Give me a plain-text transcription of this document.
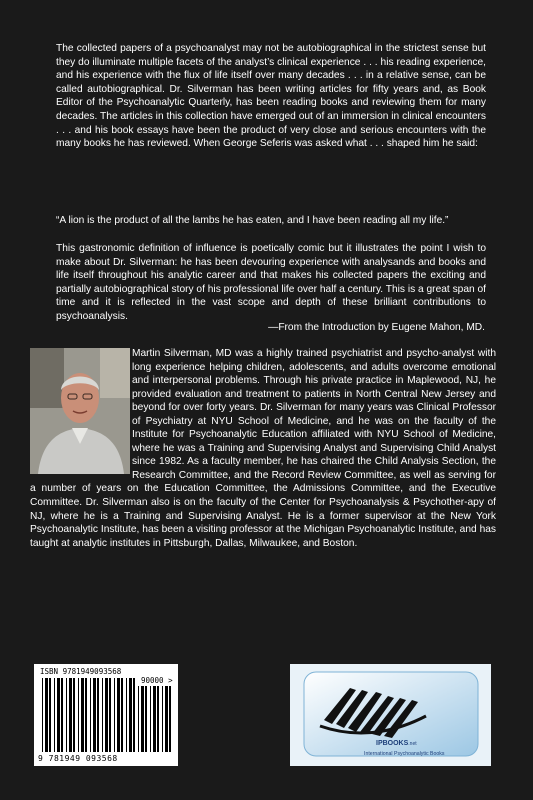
The collected papers of a psychoanalyst may not be autobiographical in the strictest sense but they do illuminate multiple facets of the analyst’s clinical experience . . . his reading experience, and his experience with the flux of life itself over many decades . . . in a relative sense, can be called autobiographical. Dr. Silverman has been writing articles for fifty years and, as Book Editor of the Psychoanalytic Quarterly, has been reading books and reviewing them for many decades. The articles in this collection have emerged out of an immersion in clinical encounters . . . and his book essays have been the product of very close and serious encounters with the many books he has reviewed. When George Seferis was asked what . . . shaped him he said:

“A lion is the product of all the lambs he has eaten, and I have been reading all my life.”

This gastronomic definition of influence is poetically comic but it illustrates the point I wish to make about Dr. Silverman: he has been devouring experience with analysands and books and life itself throughout his analytic career and that makes his collected papers the exciting and partially autobiographical story of his professional life over half a century. This is a great span of time and it is reflected in the vast scope and depth of these brilliant contributions to psychoanalysis.

—From the Introduction by Eugene Mahon, MD.

Martin Silverman, MD was a highly trained psychiatrist and psycho-analyst with long experience helping children, adolescents, and adults overcome emotional and interpersonal problems. Through his private practice in Maplewood, NJ, he provided evaluation and treatment to patients in North Central New Jersey and beyond for over forty years. Dr. Silverman for many years was Clinical Professor of Psychiatry at NYU School of Medicine, and he was on the faculty of the Institute for Psychoanalytic Education affiliated with NYU School of Medicine, where he was a Training and Supervising Analyst and Supervising Child Analyst since 1982. As a faculty member, he has chaired the Child Analysis Section, the Research Committee, and the Record Review Committee, as well as serving for a number of years on the Education Committee, the Admissions Committee, and the Executive Committee. Dr. Silverman also is on the faculty of the Center for Psychoanalysis & Psychother-apy of NJ, where he is a Training and Supervising Analyst. He is a former supervisor at the New York Psychoanalytic Institute, has been a visiting professor at the Michigan Psychoanalytic Institute, and has taught at analytic institutes in Pittsburgh, Dallas, Milwaukee, and Boston.
ISBN 9781949093568
90000 >
9 781949 093568
IPBOOKS.net
International Psychoanalytic Books
